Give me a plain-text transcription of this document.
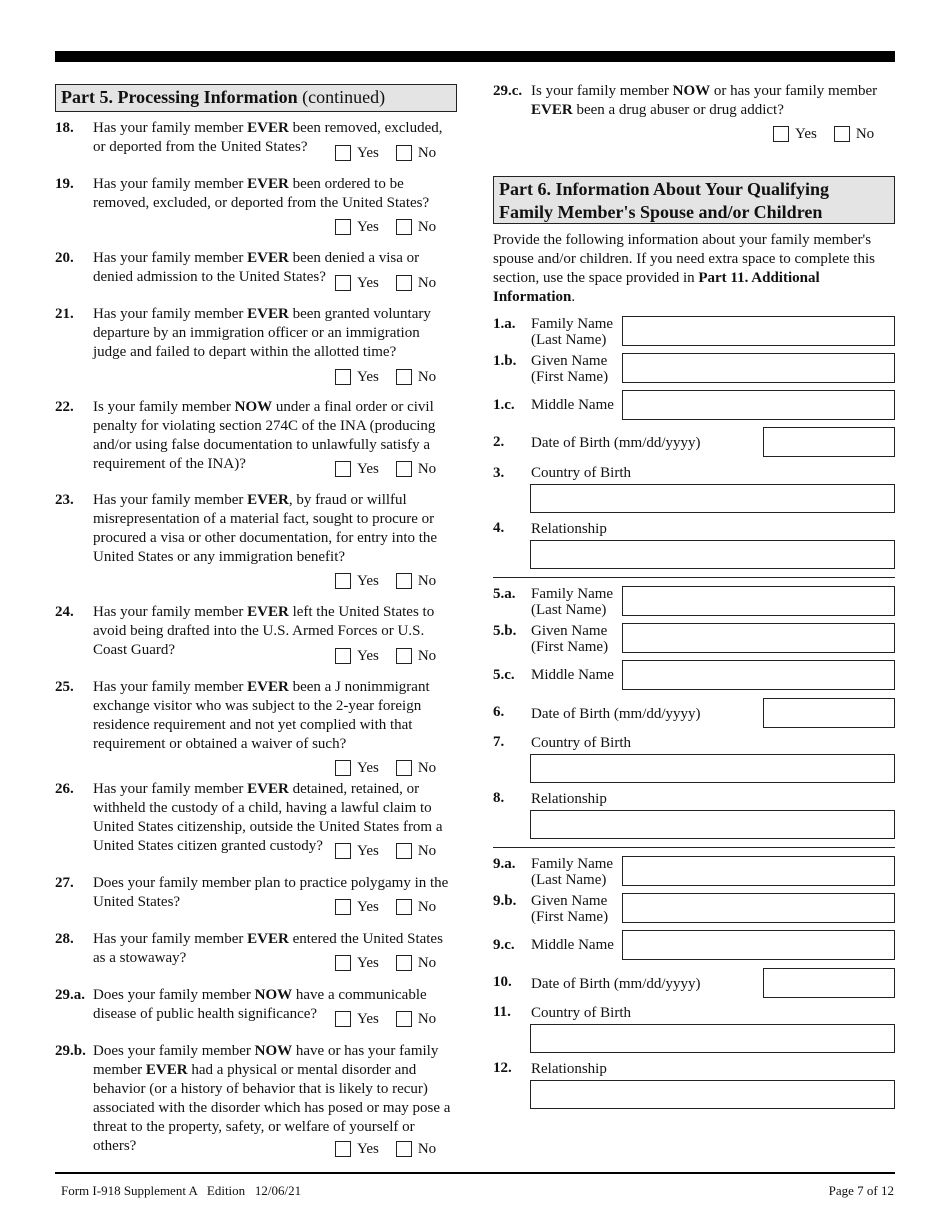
Part 5. Processing Information (continued)
18. Has your family member EVER been removed, excluded, or deported from the United States?	Yes	No
19. Has your family member EVER been ordered to be removed, excluded, or deported from the United States?
Yes	No
20. Has your family member EVER been denied a visa or denied admission to the United States?	Yes	No
21. Has your family member EVER been granted voluntary departure by an immigration officer or an immigration judge and failed to depart within the allotted time?
Yes	No
22. Is your family member NOW under a final order or civil penalty for violating section 274C of the INA (producing and/or using false documentation to unlawfully satisfy a requirement of the INA)?	Yes	No
23. Has your family member EVER, by fraud or willful misrepresentation of a material fact, sought to procure or procured a visa or other documentation, for entry into the United States or any immigration benefit?
Yes	No
24. Has your family member EVER left the United States to avoid being drafted into the U.S. Armed Forces or U.S. Coast Guard?	Yes	No
25. Has your family member EVER been a J nonimmigrant exchange visitor who was subject to the 2-year foreign residence requirement and not yet complied with that requirement or obtained a waiver of such?
Yes	No
26. Has your family member EVER detained, retained, or withheld the custody of a child, having a lawful claim to United States citizenship, outside the United States from a United States citizen granted custody?	Yes	No
27. Does your family member plan to practice polygamy in the United States?	Yes	No
28. Has your family member EVER entered the United States as a stowaway?	Yes	No
29.a. Does your family member NOW have a communicable disease of public health significance?	Yes	No
29.b. Does your family member NOW have or has your family member EVER had a physical or mental disorder and behavior (or a history of behavior that is likely to recur) associated with the disorder which has posed or may pose a threat to the property, safety, or welfare of yourself or others?	Yes	No
29.c. Is your family member NOW or has your family member EVER been a drug abuser or drug addict?
Yes	No
Part 6. Information About Your Qualifying
Family Member's Spouse and/or Children
Provide the following information about your family member's spouse and/or children. If you need extra space to complete this section, use the space provided in Part 11. Additional Information.
1.a. Family Name
(Last Name)
1.b. Given Name
(First Name)
1.c. Middle Name
2. Date of Birth (mm/dd/yyyy)
3. Country of Birth
4. Relationship
5.a. Family Name
(Last Name)
5.b. Given Name
(First Name)
5.c. Middle Name
6. Date of Birth (mm/dd/yyyy)
7. Country of Birth
8. Relationship
9.a. Family Name
(Last Name)
9.b. Given Name
(First Name)
9.c. Middle Name
10. Date of Birth (mm/dd/yyyy)
11. Country of Birth
12. Relationship
Form I-918 Supplement A   Edition   12/06/21	Page 7 of 12
